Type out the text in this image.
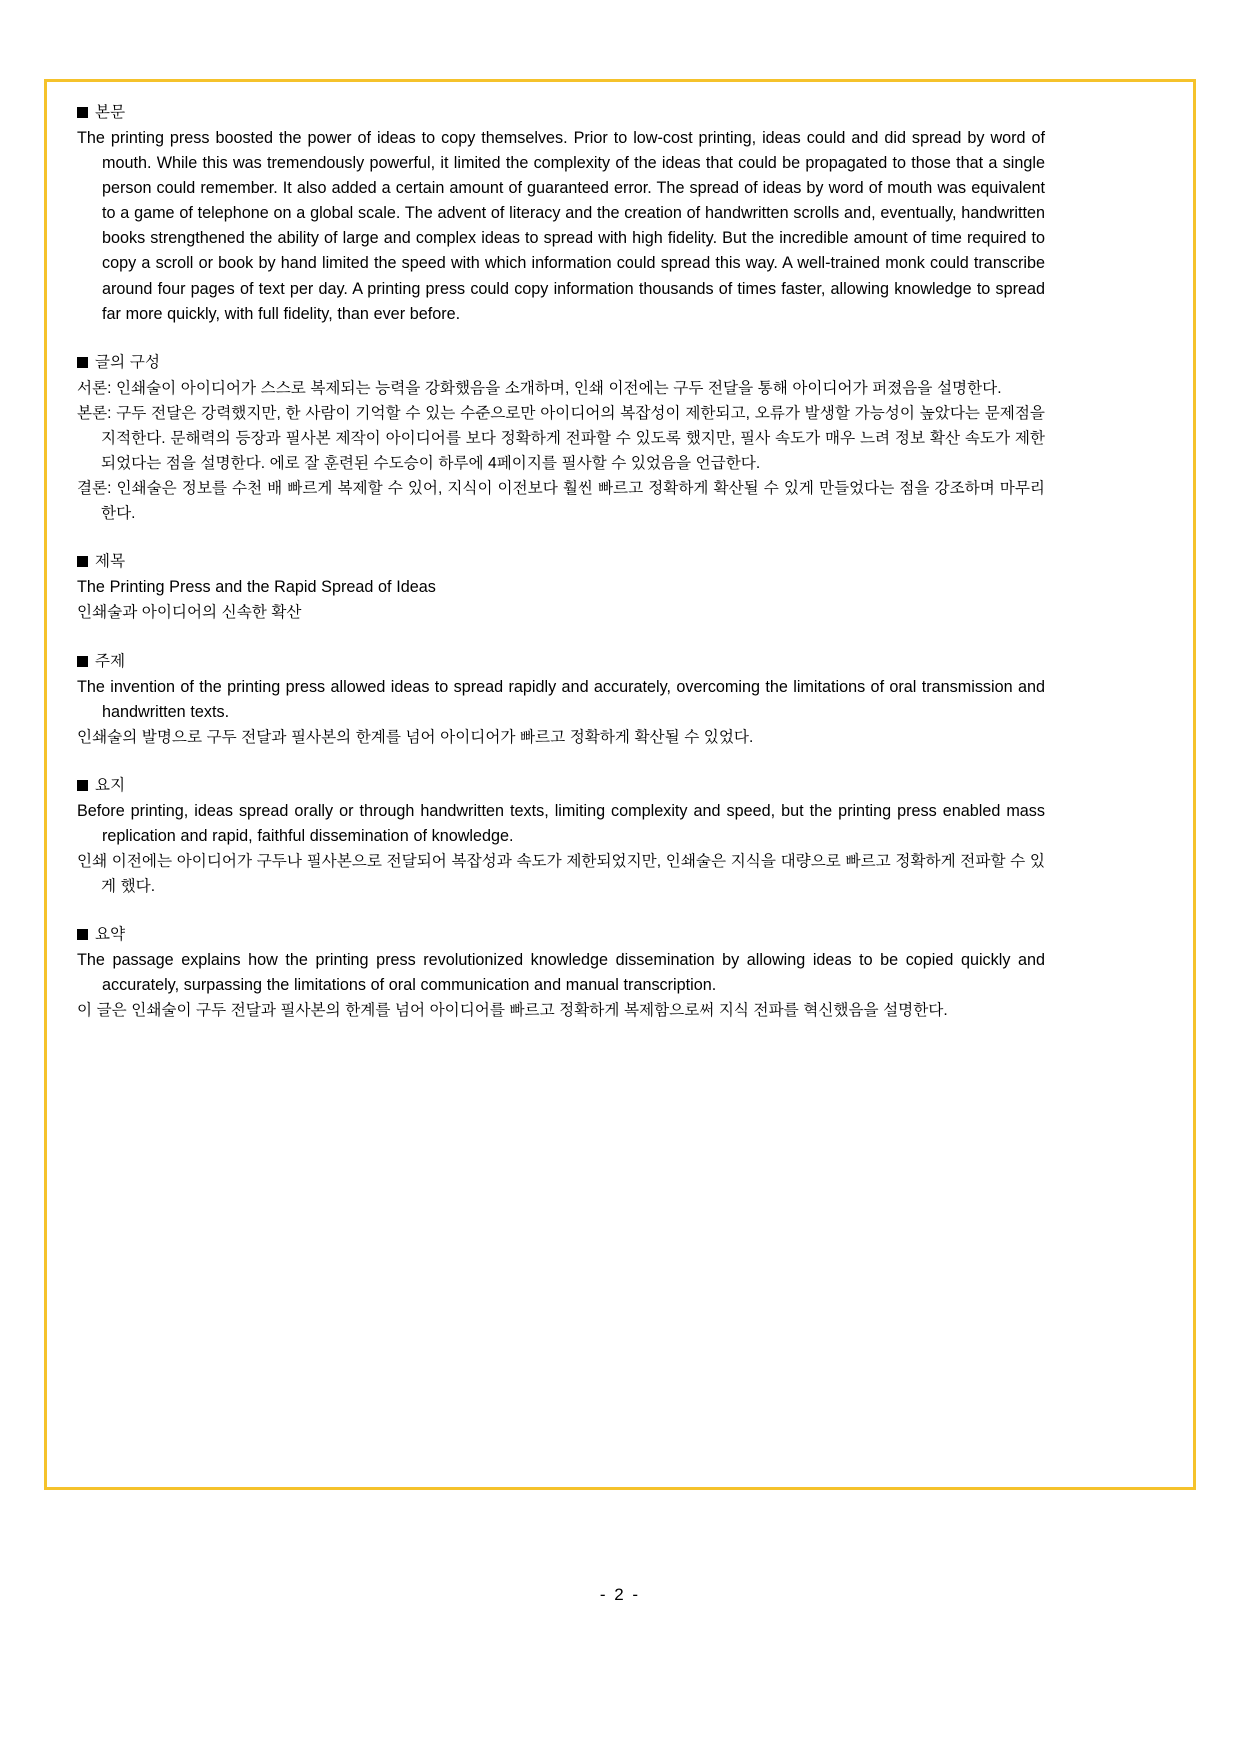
본문

The printing press boosted the power of ideas to copy themselves. Prior to low-cost printing, ideas could and did spread by word of mouth. While this was tremendously powerful, it limited the complexity of the ideas that could be propagated to those that a single person could remember. It also added a certain amount of guaranteed error. The spread of ideas by word of mouth was equivalent to a game of telephone on a global scale. The advent of literacy and the creation of handwritten scrolls and, eventually, handwritten books strengthened the ability of large and complex ideas to spread with high fidelity. But the incredible amount of time required to copy a scroll or book by hand limited the speed with which information could spread this way. A well-trained monk could transcribe around four pages of text per day. A printing press could copy information thousands of times faster, allowing knowledge to spread far more quickly, with full fidelity, than ever before.

글의 구성

서론: 인쇄술이 아이디어가 스스로 복제되는 능력을 강화했음을 소개하며, 인쇄 이전에는 구두 전달을 통해 아이디어가 퍼졌음을 설명한다.

본론: 구두 전달은 강력했지만, 한 사람이 기억할 수 있는 수준으로만 아이디어의 복잡성이 제한되고, 오류가 발생할 가능성이 높았다는 문제점을 지적한다. 문해력의 등장과 필사본 제작이 아이디어를 보다 정확하게 전파할 수 있도록 했지만, 필사 속도가 매우 느려 정보 확산 속도가 제한되었다는 점을 설명한다. 에로 잘 훈련된 수도승이 하루에 4페이지를 필사할 수 있었음을 언급한다.

결론: 인쇄술은 정보를 수천 배 빠르게 복제할 수 있어, 지식이 이전보다 훨씬 빠르고 정확하게 확산될 수 있게 만들었다는 점을 강조하며 마무리한다.

제목

The Printing Press and the Rapid Spread of Ideas

인쇄술과 아이디어의 신속한 확산

주제

The invention of the printing press allowed ideas to spread rapidly and accurately, overcoming the limitations of oral transmission and handwritten texts.

인쇄술의 발명으로 구두 전달과 필사본의 한계를 넘어 아이디어가 빠르고 정확하게 확산될 수 있었다.

요지

Before printing, ideas spread orally or through handwritten texts, limiting complexity and speed, but the printing press enabled mass replication and rapid, faithful dissemination of knowledge.

인쇄 이전에는 아이디어가 구두나 필사본으로 전달되어 복잡성과 속도가 제한되었지만, 인쇄술은 지식을 대량으로 빠르고 정확하게 전파할 수 있게 했다.

요약

The passage explains how the printing press revolutionized knowledge dissemination by allowing ideas to be copied quickly and accurately, surpassing the limitations of oral communication and manual transcription.

이 글은 인쇄술이 구두 전달과 필사본의 한계를 넘어 아이디어를 빠르고 정확하게 복제함으로써 지식 전파를 혁신했음을 설명한다.

- 2 -
